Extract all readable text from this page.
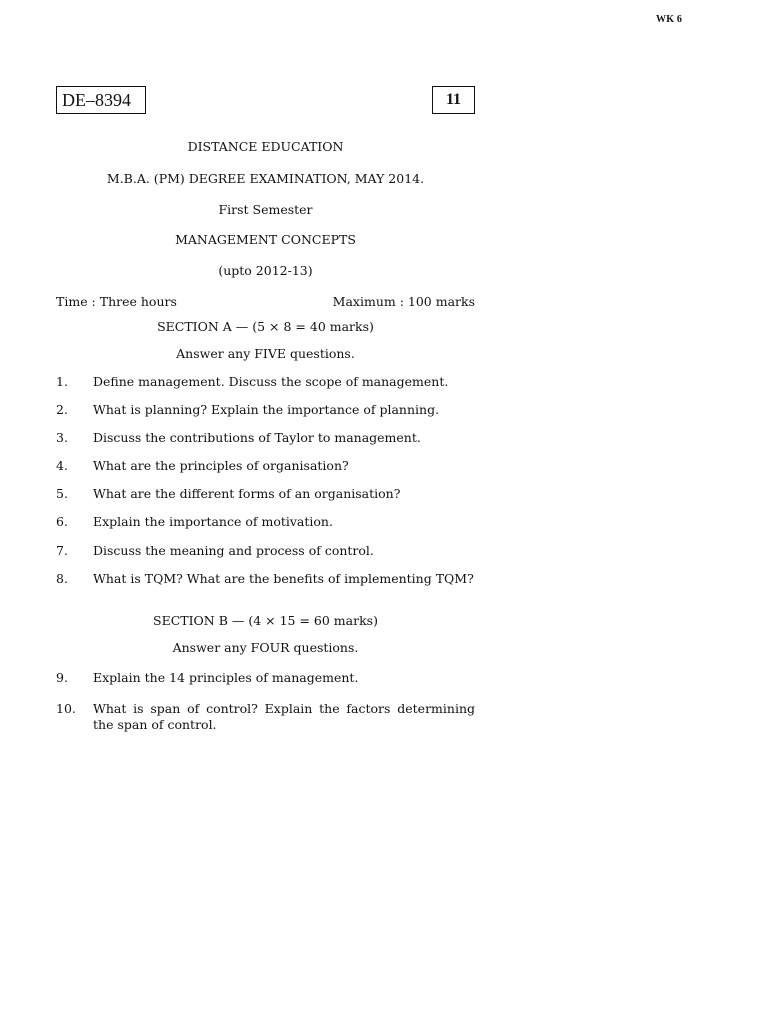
WK 6
DE–8394	11
DISTANCE EDUCATION
M.B.A. (PM) DEGREE EXAMINATION, MAY 2014.
First Semester
MANAGEMENT CONCEPTS
(upto 2012-13)
Time : Three hours	Maximum : 100 marks
SECTION A — (5 × 8 = 40 marks)
Answer any FIVE questions.
1. Define management. Discuss the scope of management.
2. What is planning? Explain the importance of planning.
3. Discuss the contributions of Taylor to management.
4. What are the principles of organisation?
5. What are the different forms of an organisation?
6. Explain the importance of motivation.
7. Discuss the meaning and process of control.
8. What is TQM? What are the benefits of implementing TQM?
SECTION B — (4 × 15 = 60 marks)
Answer any FOUR questions.
9. Explain the 14 principles of management.
10. What is span of control? Explain the factors determining the span of control.
